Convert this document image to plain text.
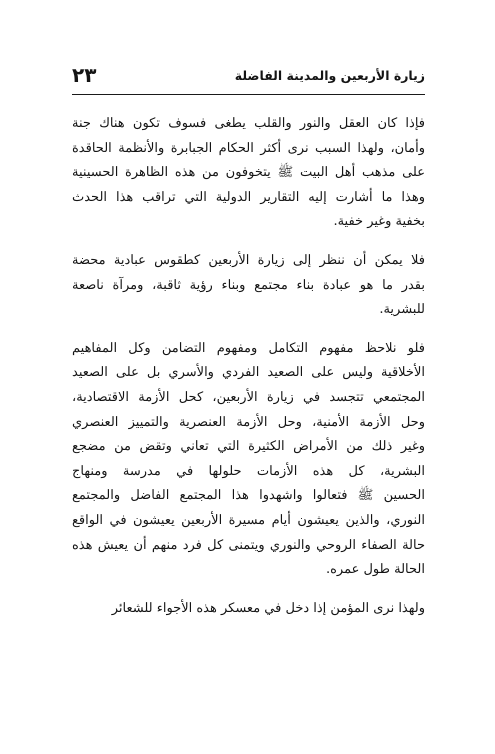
زيارة الأربعين والمدينة الفاضلة
٢٣
فإذا كان العقل والنور والقلب يطغى فسوف تكون هناك جنة
وأمان، ولهذا السبب نرى أكثر الحكام الجبابرة والأنظمة الحاقدة
على مذهب أهل البيت ﷺ يتخوفون من هذه الظاهرة الحسينية
وهذا ما أشارت إليه التقارير الدولية التي تراقب هذا الحدث
بخفية وغير خفية.
فلا يمكن أن ننظر إلى زيارة الأربعين كطقوس عبادية محضة
بقدر ما هو عبادة بناء مجتمع وبناء رؤية ثاقبة، ومرآة ناصعة
للبشرية.
فلو نلاحظ مفهوم التكامل ومفهوم التضامن وكل المفاهيم
الأخلاقية وليس على الصعيد الفردي والأسري بل على الصعيد
المجتمعي تتجسد في زيارة الأربعين، كحل الأزمة الاقتصادية،
وحل الأزمة الأمنية، وحل الأزمة العنصرية والتمييز العنصري
وغير ذلك من الأمراض الكثيرة التي تعاني وتقض من مضجع
البشرية، كل هذه الأزمات حلولها في مدرسة ومنهاج
الحسين ﷺ فتعالوا واشهدوا هذا المجتمع الفاضل والمجتمع
النوري، والذين يعيشون أيام مسيرة الأربعين يعيشون في الواقع
حالة الصفاء الروحي والنوري ويتمنى كل فرد منهم أن يعيش هذه
الحالة طول عمره.
ولهذا نرى المؤمن إذا دخل في معسكر هذه الأجواء للشعائر
